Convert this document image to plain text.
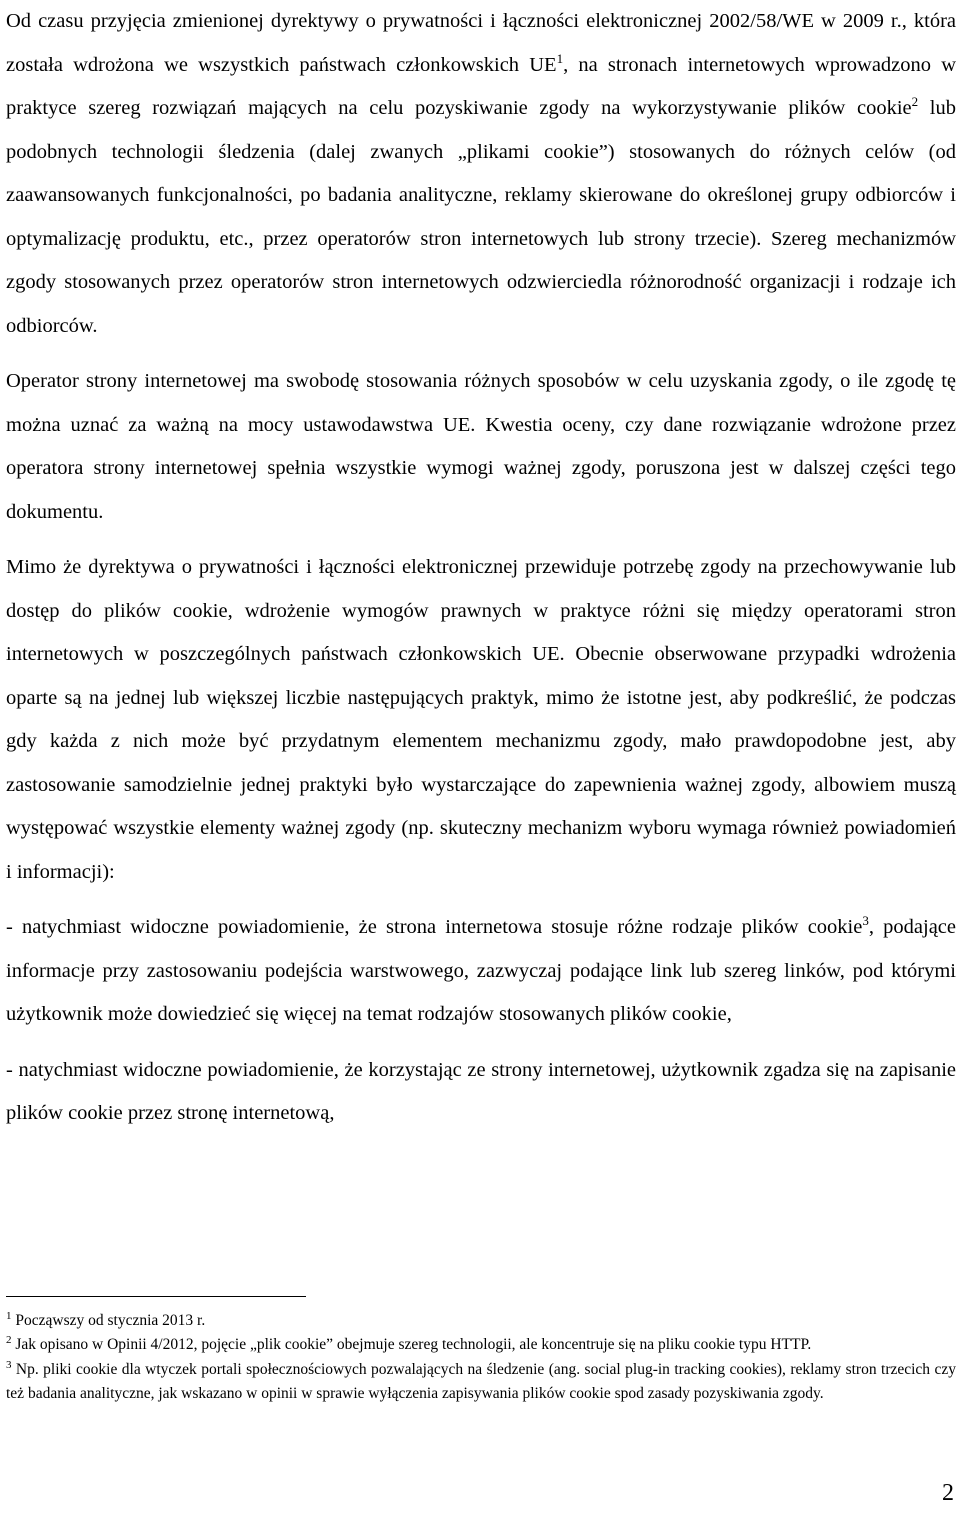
Od czasu przyjęcia zmienionej dyrektywy o prywatności i łączności elektronicznej 2002/58/WE w 2009 r., która została wdrożona we wszystkich państwach członkowskich $UE^1$, na stronach internetowych wprowadzono w praktyce szereg rozwiązań mających na celu pozyskiwanie zgody na wykorzystywanie plików cookie$^2$ lub podobnych technologii śledzenia (dalej zwanych „plikami cookie”) stosowanych do różnych celów (od zaawansowanych funkcjonalności, po badania analityczne, reklamy skierowane do określonej grupy odbiorców i optymalizację produktu, etc., przez operatorów stron internetowych lub strony trzecie). Szereg mechanizmów zgody stosowanych przez operatorów stron internetowych odzwierciedla różnorodność organizacji i rodzaje ich odbiorców.

Operator strony internetowej ma swobodę stosowania różnych sposobów w celu uzyskania zgody, o ile zgodę tę można uznać za ważną na mocy ustawodawstwa UE. Kwestia oceny, czy dane rozwiązanie wdrożone przez operatora strony internetowej spełnia wszystkie wymogi ważnej zgody, poruszona jest w dalszej części tego dokumentu.

Mimo że dyrektywa o prywatności i łączności elektronicznej przewiduje potrzebę zgody na przechowywanie lub dostęp do plików cookie, wdrożenie wymogów prawnych w praktyce różni się między operatorami stron internetowych w poszczególnych państwach członkowskich UE. Obecnie obserwowane przypadki wdrożenia oparte są na jednej lub większej liczbie następujących praktyk, mimo że istotne jest, aby podkreślić, że podczas gdy każda z nich może być przydatnym elementem mechanizmu zgody, mało prawdopodobne jest, aby zastosowanie samodzielnie jednej praktyki było wystarczające do zapewnienia ważnej zgody, albowiem muszą występować wszystkie elementy ważnej zgody (np. skuteczny mechanizm wyboru wymaga również powiadomień i informacji):

- natychmiast widoczne powiadomienie, że strona internetowa stosuje różne rodzaje plików cookie$^3$, podające informacje przy zastosowaniu podejścia warstwowego, zazwyczaj podające link lub szereg linków, pod którymi użytkownik może dowiedzieć się więcej na temat rodzajów stosowanych plików cookie,

- natychmiast widoczne powiadomienie, że korzystając ze strony internetowej, użytkownik zgadza się na zapisanie plików cookie przez stronę internetową,

$^1$ Począwszy od stycznia 2013 r.

$^2$ Jak opisano w Opinii 4/2012, pojęcie „plik cookie” obejmuje szereg technologii, ale koncentruje się na pliku cookie typu HTTP.

$^3$ Np. pliki cookie dla wtyczek portali społecznościowych pozwalających na śledzenie (ang. social plug-in tracking cookies), reklamy stron trzecich czy też badania analityczne, jak wskazano w opinii w sprawie wyłączenia zapisywania plików cookie spod zasady pozyskiwania zgody.

2
